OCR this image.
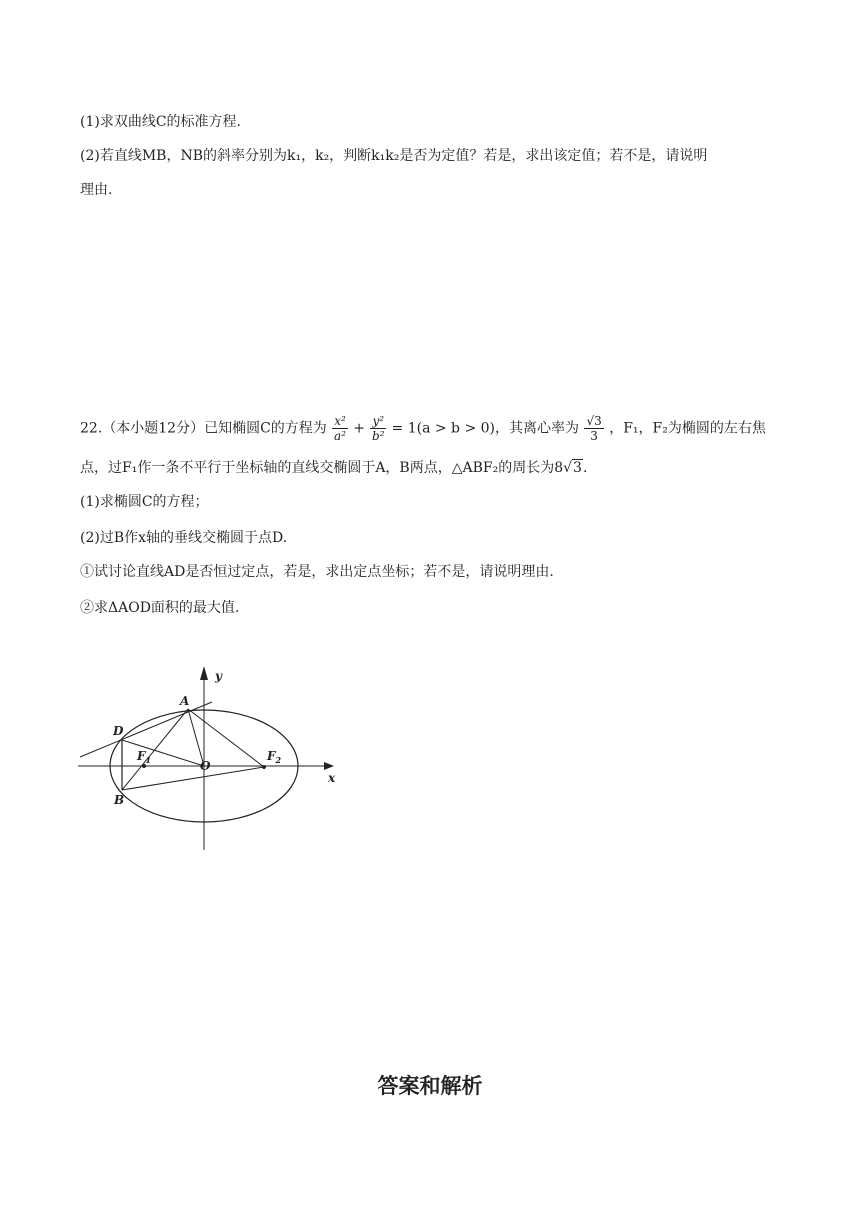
(1)求双曲线C的标准方程.
(2)若直线MB，NB的斜率分别为k₁，k₂，判断k₁k₂是否为定值？若是，求出该定值；若不是，请说明
理由.
22.（本小题12分）已知椭圆C的方程为 $\frac{\text{x²}}{\text{a²}} + \frac{\text{y²}}{\text{b²}} = 1(a > b > 0)$，其离心率为 $\frac{√3}{3}$ ，F₁，F₂为椭圆的左右焦
点，过F₁作一条不平行于坐标轴的直线交椭圆于A，B两点，△ABF₂的周长为8√3.
(1)求椭圆C的方程；
(2)过B作x轴的垂线交椭圆于点D.
①试讨论直线AD是否恒过定点，若是，求出定点坐标；若不是，请说明理由.
②求ΔAOD面积的最大值.
y
x
A
D
$F_1$	O
$F_2$
B
答案和解析
